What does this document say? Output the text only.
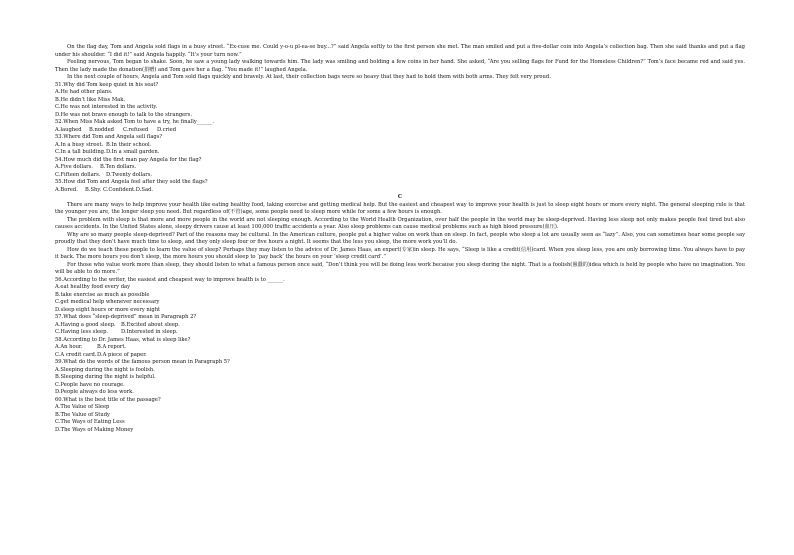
On the flag day, Tom and Angela sold flags in a busy street. “Ex-cuse me. Could y-o-u pl-ea-se buy...?” said Angela softly to the first person she met. The man smiled and put a five-dollar coin into Angela’s collection bag. Then she said thanks and put a flag under his shoulder. “I did it!” said Angela happily. “It’s your turn now.”

Feeling nervous, Tom began to shake. Soon, he saw a young lady walking towards him. The lady was smiling and holding a few coins in her hand. She asked, “Are you selling flags for Fund for the Homeless Children?” Tom’s face became red and said yes. Then the lady made the donation(捐赠) and Tom gave her a flag. “You made it!” laughed Angela.

In the next couple of hours, Angela and Tom sold flags quickly and bravely. At last, their collection bags were so heavy that they had to hold them with both arms. They felt very proud.

51.Why did Tom keep quiet in his seat?

A.He had other plans.

B.He didn’t like Miss Mak.

C.He was not interested in the activity.

D.He was not brave enough to talk to the strangers.

52.When Miss Mak asked Tom to have a try, he finally______.

A.laughed B.nodded C.refused D.cried

53.Where did Tom and Angela sell flags?

A.In a busy street. B.In their school.

C.In a tall building.D.In a small garden.

54.How much did the first man pay Angela for the flag?

A.Five dollars. B.Ten dollars.

C.Fifteen dollars. D.Twenty dollars.

55.How did Tom and Angela feel after they sold the flags?

A.Bored. B.Shy. C.Confident.D.Sad.

C

There are many ways to help improve your health like eating healthy food, taking exercise and getting medical help. But the easiest and cheapest way to improve your health is just to sleep eight hours or more every night. The general sleeping rule is that the younger you are, the longer sleep you need. But regardless of(不管)age, some people need to sleep more while for some a few hours is enough.

The problem with sleep is that more and more people in the world are not sleeping enough. According to the World Health Organization, over half the people in the world may be sleep-deprived. Having less sleep not only makes people feel tired but also causes accidents. In the United States alone, sleepy drivers cause at least 100,000 traffic accidents a year. Also sleep problems can cause medical problems such as high blood pressure(血压).

Why are so many people sleep-deprived? Part of the reasons may be cultural. In the American culture, people put a higher value on work than on sleep. In fact, people who sleep a lot are usually seen as “lazy”. Also, you can sometimes hear some people say proudly that they don’t have much time to sleep, and they only sleep four or five hours a night. It seems that the less you sleep, the more work you’ll do.

How do we teach these people to learn the value of sleep? Perhaps they may listen to the advice of Dr. James Haas, an expert(专家)in sleep. He says, “Sleep is like a credit(信用)card. When you sleep less, you are only borrowing time. You always have to pay it back. The more hours you don’t sleep, the more hours you should sleep to ‘pay back’ the hours on your ‘sleep credit card’.”

For those who value work more than sleep, they should listen to what a famous person once said, “Don’t think you will be doing less work because you sleep during the night. That is a foolish(愚蠢的)idea which is held by people who have no imagination. You will be able to do more.”

56.According to the writer, the easiest and cheapest way to improve health is to ______.

A.eat healthy food every day

B.take exercise as much as possible

C.get medical help whenever necessary

D.sleep eight hours or more every night

57.What does “sleep-deprived” mean in Paragraph 2?

A.Having a good sleep. B.Excited about sleep.

C.Having less sleep. D.Interested in sleep.

58.According to Dr. James Haas, what is sleep like?

A.An hour.	B.A report.

C.A credit card.D.A piece of paper.

59.What do the words of the famous person mean in Paragraph 5?

A.Sleeping during the night is foolish.

B.Sleeping during the night is helpful.

C.People have no courage.

D.People always do less work.

60.What is the best title of the passage?

A.The Value of Sleep

B.The Value of Study

C.The Ways of Eating Less

D.The Ways of Making Money
